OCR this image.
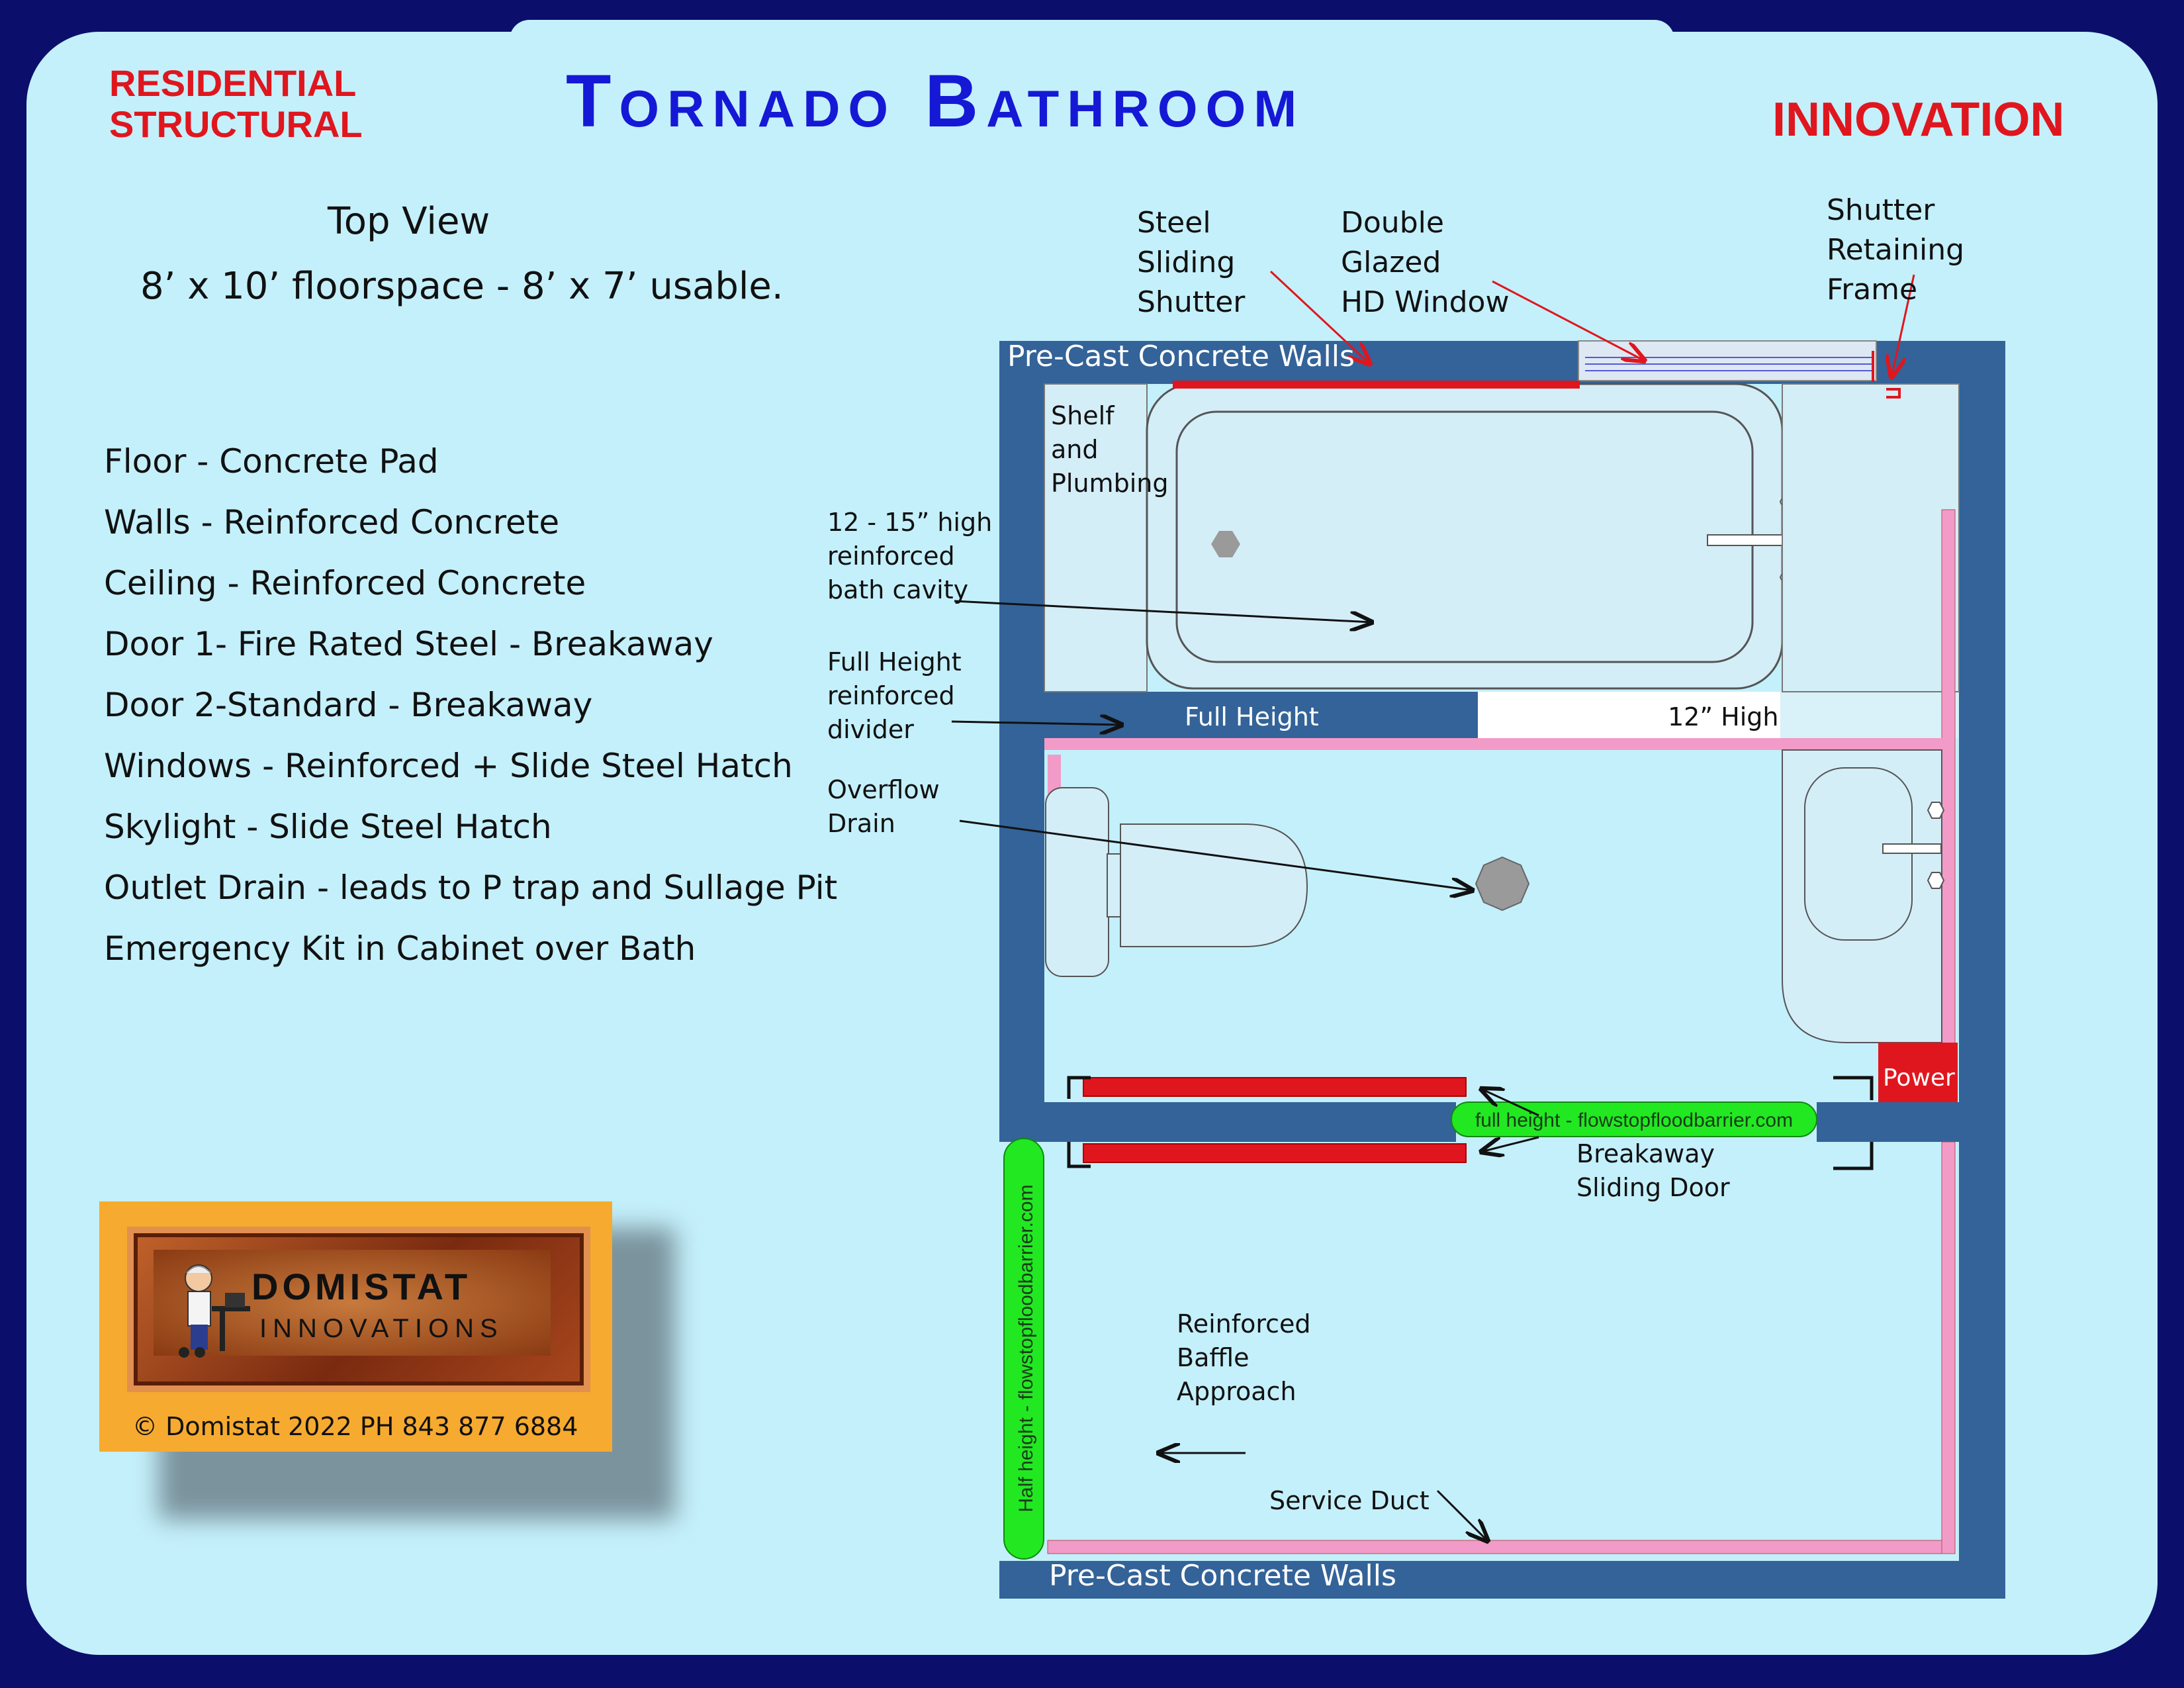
RESIDENTIAL
STRUCTURAL	Tornado Bathroom	INNOVATION
Top View
8’ x 10’ floorspace - 8’ x 7’ usable.
Floor - Concrete Pad
Walls - Reinforced Concrete
Ceiling - Reinforced Concrete
Door 1- Fire Rated Steel - Breakaway
Door 2-Standard - Breakaway
Windows - Reinforced + Slide Steel Hatch
Skylight - Slide Steel Hatch
Outlet Drain - leads to P trap and Sullage Pit
Emergency Kit in Cabinet over Bath
Pre-Cast Concrete Walls
Pre-Cast Concrete Walls
Full Height	12” High
Power
full height - flowstopfloodbarrier.com
Half height - flowstopfloodbarrier.com
Steel
Sliding
Shutter
Double
Glazed
HD Window
Shutter
Retaining
Frame
Shelf
and
Plumbing
12 - 15” high
reinforced
bath cavity
Full Height
reinforced
divider
Overflow
Drain
Breakaway
Sliding Door
Reinforced
Baffle
Approach
Service Duct
DOMISTAT
INNOVATIONS
© Domistat 2022 PH 843 877 6884
